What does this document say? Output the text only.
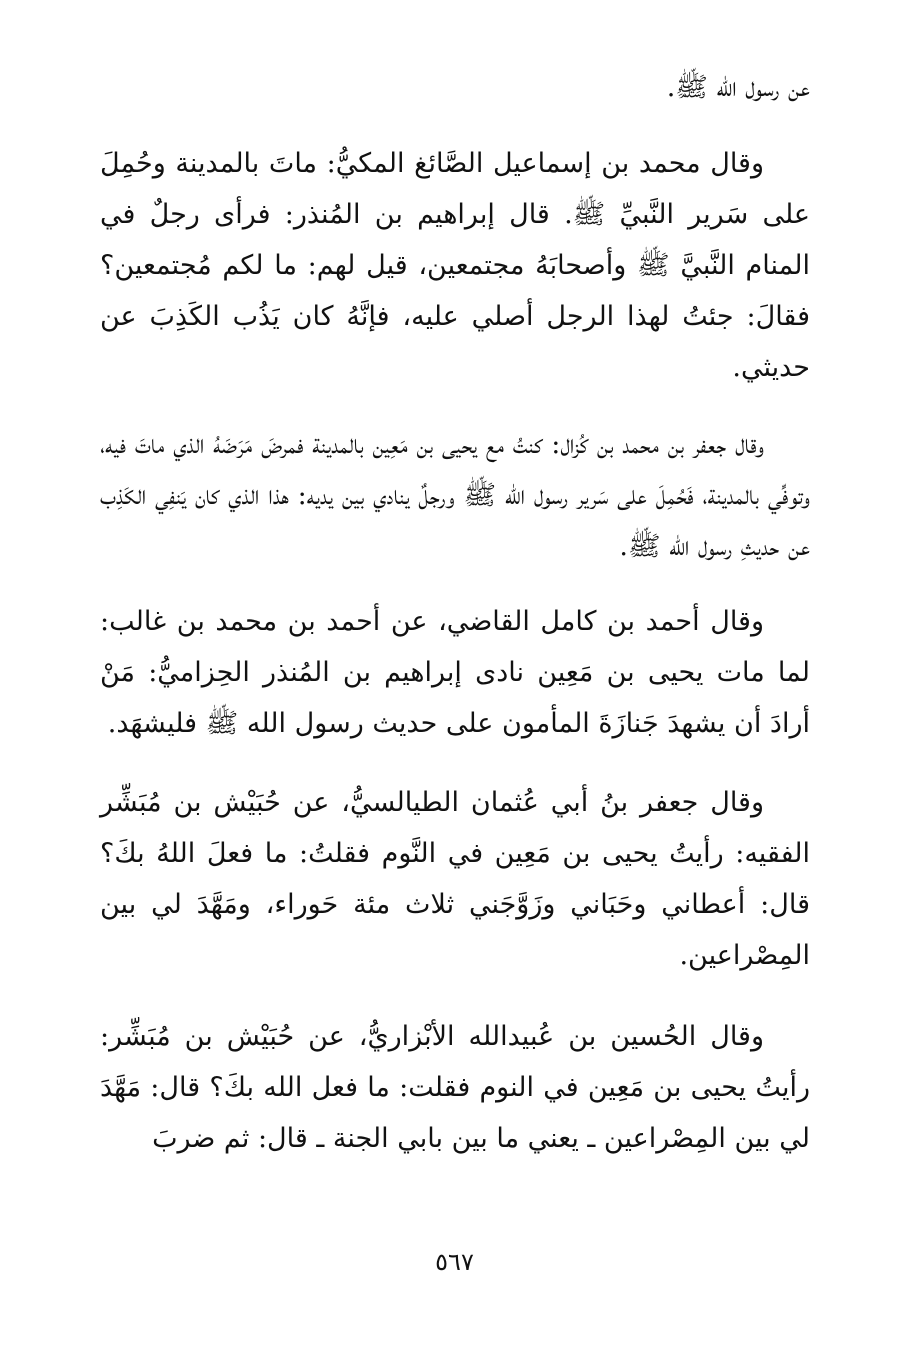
عن رسول الله ﷺ.

وقال محمد بن إسماعيل الصَّائغ المكيُّ: ماتَ بالمدينة وحُمِلَ على سَرير النَّبيِّ ﷺ. قال إبراهيم بن المُنذر: فرأى رجلٌ في المنام النَّبيَّ ﷺ وأصحابَهُ مجتمعين، قيل لهم: ما لكم مُجتمعين؟ فقالَ: جئتُ لهذا الرجل أصلي عليه، فإنَّهُ كان يَذُب الكَذِبَ عن حديثي.

وقال جعفر بن محمد بن كُزال: كنتُ مع يحيى بن مَعِين بالمدينة فمرضَ مَرَضَهُ الذي ماتَ فيه، وتوفِّي بالمدينة، فَحُمِلَ على سَرير رسول الله ﷺ ورجلٌ ينادي بين يديه: هذا الذي كان يَنفِي الكَذِب عن حديثِ رسول الله ﷺ.

وقال أحمد بن كامل القاضي، عن أحمد بن محمد بن غالب: لما مات يحيى بن مَعِين نادى إبراهيم بن المُنذر الحِزاميُّ: مَنْ أرادَ أن يشهدَ جَنازَةَ المأمون على حديث رسول الله ﷺ فليشهَد.

وقال جعفر بنُ أبي عُثمان الطيالسيُّ، عن حُبَيْش بن مُبَشِّر الفقيه: رأيتُ يحيى بن مَعِين في النَّوم فقلتُ: ما فعلَ اللهُ بكَ؟ قال: أعطاني وحَبَاني وزَوَّجَني ثلاث مئة حَوراء، ومَهَّدَ لي بين المِصْراعين.

وقال الحُسين بن عُبيدالله الأبْزاريُّ، عن حُبَيْش بن مُبَشِّر: رأيتُ يحيى بن مَعِين في النوم فقلت: ما فعل الله بكَ؟ قال: مَهَّدَ لي بين المِصْراعين ـ يعني ما بين بابي الجنة ـ قال: ثم ضربَ

٥٦٧
